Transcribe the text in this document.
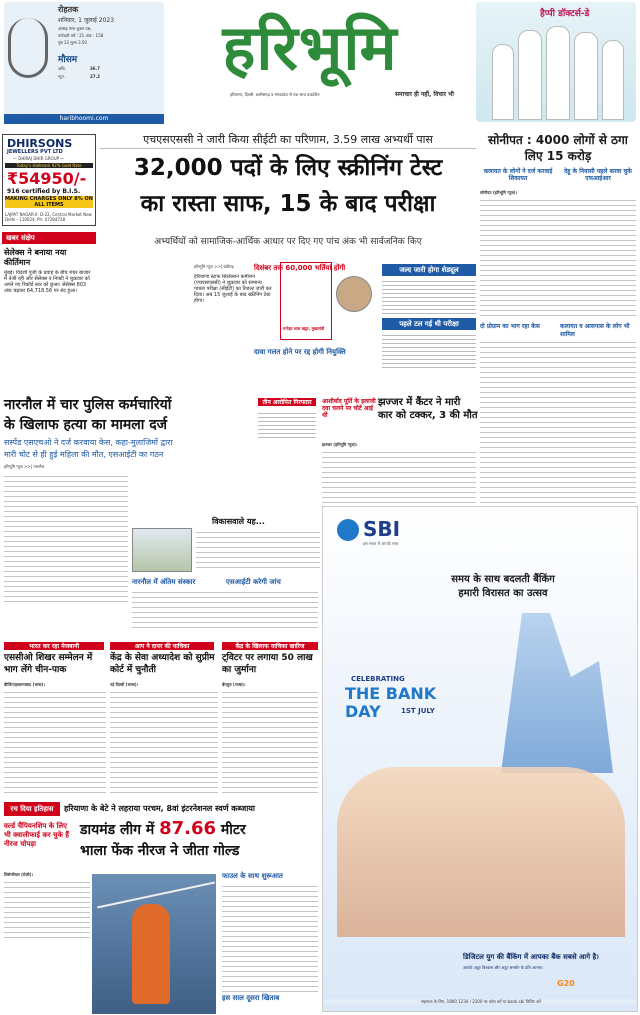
रोहतक
शनिवार, 1 जुलाई 2023
आषाढ़ मास शुक्ल पक्ष,
त्रयोदशी वर्ष : 21 अंक : 158
पृष्ठ 12 मूल्य 3.50
मौसम
अधि.	36.7
न्यून.	27.2
haribhoomi.com
हरिभूमि
हरियाणा, दिल्ली, छत्तीसगढ़ व मध्यप्रदेश से एक साथ प्रकाशित	समाचार ही नहीं, विचार भी
हैप्पी डॉक्टर्स-डे
DHIRSONS
JEWELLERS PVT LTD
— DHIRAJ DHIR GROUP —
Today's Hallmark 92% Gold Rate
₹54950/-
916 certified by B.I.S.
MAKING CHARGES ONLY 8% ON ALL ITEMS
LAJPAT NAGAR-II: D-22, Central Market New Delhi - 110024, Ph: 47284728
खबर संक्षेप
सेलेक्स ने बनाया नया कीर्तिमान
मुंबई। विदेशी पूंजी के प्रवाह के बीच शेयर बाजार में तेजी रही और सेंसेक्स व निफ्टी ने शुक्रवार को अपने नए रिकॉर्ड स्तर को छुआ। सेंसेक्स 803 अंक चढ़कर 64,718.56 पर बंद हुआ।
एचएसएससी ने जारी किया सीईटी का परिणाम, 3.59 लाख अभ्यर्थी पास
32,000 पदों के लिए स्क्रीनिंग टेस्ट
का रास्ता साफ, 15 के बाद परीक्षा
अभ्यर्थियों को सामाजिक-आर्थिक आधार पर दिए गए पांच अंक भी सार्वजनिक किए
हरिभूमि न्यूज >>| चंडीगढ़
हरियाणा स्टाफ सिलेक्शन कमीशन (एचएसएससी) ने शुक्रवार को सामान्य पात्रता परीक्षा (सीईटी) का रिजल्ट जारी कर दिया। अब 15 जुलाई के बाद स्क्रीनिंग टेस्ट होगा।
दिसंबर तक 60,000 भर्तियां होंगी
- मनोहर लाल खट्टर, मुख्यमंत्री
दावा गलत होने पर रद्द होगी नियुक्ति
जल्द जारी होगा शेड्यूल
पहले टल गई थी परीक्षा
सोनीपत : 4000 लोगों से ठगा लिए 15 करोड़
कलायत के लोगों ने दर्ज करवाई शिकायत
देहू के निवासी पहले करवा चुके एफआईआर
सोनीपत (हरिभूमि न्यूज)।
दो प्रोग्राम का भाग रहा केस	कलायत व आसपास के लोग भी शामिल
नारनौल में चार पुलिस कर्मचारियों
के खिलाफ हत्या का मामला दर्ज
सस्पेंड एसएचओ ने दर्ज करवाया केस, कहा-मुलाजिमों द्वारा
मारी चोट से ही हुई महिला की मौत, एसआईटी का गठन
तीन आरोपित गिरफ्तार
हरिभूमि न्यूज >>| नारनौल
आशीर्वाद पूर्ति के इलाजी दवा चलने पर चोटें आई थीं
झज्जर में कैंटर ने मारी कार को टक्कर, 3 की मौत
झज्जर (हरिभूमि न्यूज)।
विकासवाले यह...
नारनौल में अंतिम संस्कार	एसआईटी करेगी जांच
भारत कर रहा मेजबानी
एससीओ शिखर सम्मेलन में भाग लेंगे चीन-पाक
बीजिंग/इस्लामाबाद (भाषा)।
आप ने दायर की याचिका
केंद्र के सेवा अध्यादेश को सुप्रीम कोर्ट में चुनौती
नई दिल्ली (भाषा)।
केंद्र के खिलाफ याचिका खारिज
ट्विटर पर लगाया 50 लाख का जुर्माना
बेंगलुरु (भाषा)।
रच दिया इतिहास	हरियाणा के बेटे ने लहराया परचम, 8वां इंटरनेशनल स्वर्ण कब्जाया
वर्ल्ड चैंपियनशिप के लिए भी क्वालीफाई कर चुके हैं नीरज चोपड़ा
डायमंड लीग में 87.66 मीटर
भाला फेंक नीरज ने जीता गोल्ड
लिसेन्सेंचल (रोज़ी)।	फाउल के साथ शुरूआत
इस साल दूसरा खिताब
SBI
इस सफर में आपके साथ
समय के साथ बदलती बैंकिंग
हमारी विरासत का उत्सव
CELEBRATING
THE BANK DAY	1ST JULY
डिजिटल युग की बैंकिंग में आपका बैंक सबसे आगे है।
आपके अटूट विश्वास और अटूट समर्थन के प्रति आभार।
G20
सहायता के लिए, 1800 1234 / 2100 पर कॉल करें या bank.sbi विजिट करें
